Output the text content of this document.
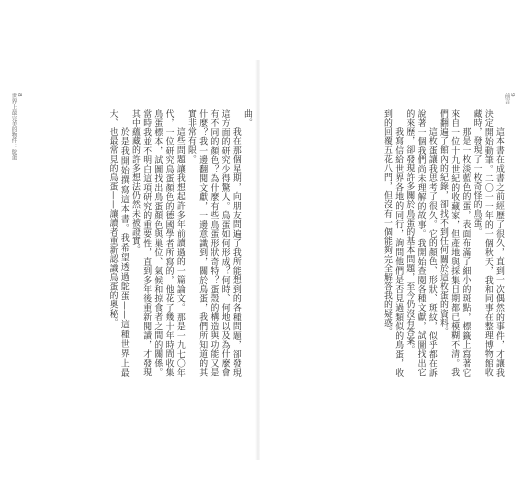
8
世界上最完美的物件：鴕蛋	曲。

我在那個星期，向朋友問遍了我所能想到的各種問題，卻發現這方面的研究少得驚人。鳥蛋如何形成？何時、何地以及為什麼會有不同的顏色？為什麼有些鳥蛋形狀奇特？蛋殼的構造與功能又是什麼？我一邊翻閱文獻，一邊意識到，關於鳥蛋，我們所知道的其實非常有限。

這些問題讓我想起許多年前讀過的一篇論文。那是一九七〇年代，一位研究鳥蛋顏色的德國學者所寫的，他花了幾十年時間收集鳥蛋標本，試圖找出鳥蛋顏色與巢位、氣候和掠食者之間的關係。當時我並不明白這項研究的重要性，直到多年後重新閱讀，才發現其中蘊藏的許多想法仍然未被證實。

於是我開始撰寫這本書。我希望透過鴕蛋——這種世界上最大、也最常見的鳥蛋——讓讀者重新認識鳥蛋的奧秘。

9
前言

這本書在成書之前經歷了很久，直到一次偶然的事件，才讓我決定開始動筆。二〇一一年的一個秋天，我和同事在整理博物館收藏時，發現了一枚奇怪的鳥蛋。

那是一枚淡藍色的蛋，表面布滿了細小的斑點，標籤上寫著它來自一位十九世紀的收藏家，但產地與採集日期都已模糊不清。我們翻遍了館內的紀錄，卻找不到任何關於這枚蛋的資料。

這枚蛋讓我思考了很久。它的顏色、形狀、斑紋，似乎都在訴說著一個我們尚未理解的故事。我開始查閱各種文獻，試圖找出它的來歷，卻發現許多關於鳥蛋的基本問題，至今仍沒有答案。

我寫信給世界各地的同行，詢問他們是否見過類似的鳥蛋，收到的回覆五花八門，但沒有一個能夠完全解答我的疑惑。
